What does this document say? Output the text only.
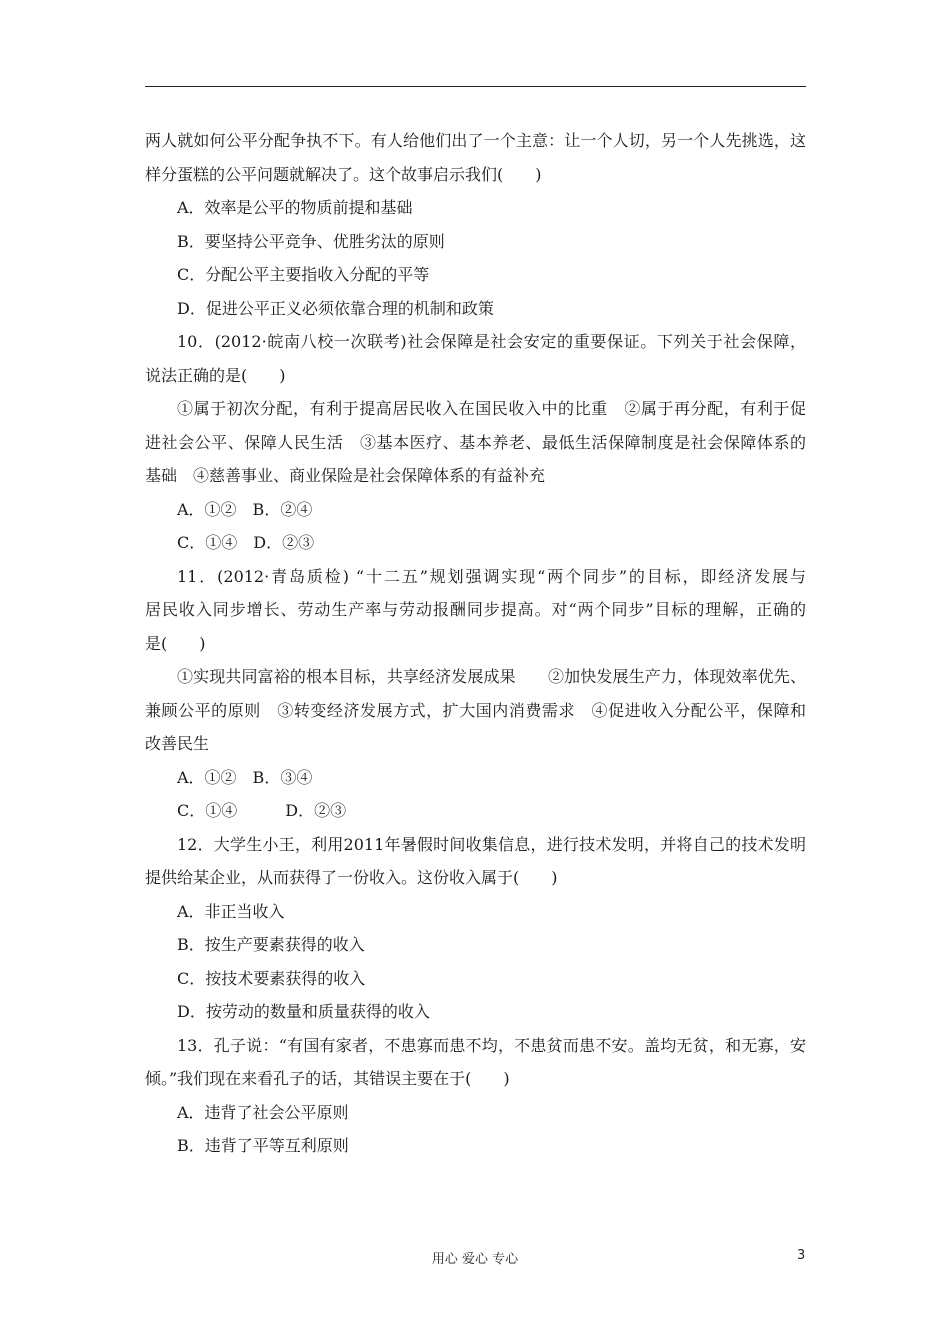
两人就如何公平分配争执不下。有人给他们出了一个主意：让一个人切，另一个人先挑选，这
样分蛋糕的公平问题就解决了。这个故事启示我们(　　)
A．效率是公平的物质前提和基础
B．要坚持公平竞争、优胜劣汰的原则
C．分配公平主要指收入分配的平等
D．促进公平正义必须依靠合理的机制和政策
10．(2012·皖南八校一次联考)社会保障是社会安定的重要保证。下列关于社会保障，
说法正确的是(　　)
①属于初次分配，有利于提高居民收入在国民收入中的比重　②属于再分配，有利于促
进社会公平、保障人民生活　③基本医疗、基本养老、最低生活保障制度是社会保障体系的
基础　④慈善事业、商业保险是社会保障体系的有益补充
A．①②　B．②④
C．①④　D．②③
11．(2012·青岛质检) “十二五”规划强调实现“两个同步”的目标，即经济发展与
居民收入同步增长、劳动生产率与劳动报酬同步提高。对“两个同步”目标的理解，正确的
是(　　)
①实现共同富裕的根本目标，共享经济发展成果　　②加快发展生产力，体现效率优先、
兼顾公平的原则　③转变经济发展方式，扩大国内消费需求　④促进收入分配公平，保障和
改善民生
A．①②　B．③④
C．①④　　　D．②③
12．大学生小王，利用2011年暑假时间收集信息，进行技术发明，并将自己的技术发明
提供给某企业，从而获得了一份收入。这份收入属于(　　)
A．非正当收入
B．按生产要素获得的收入
C．按技术要素获得的收入
D．按劳动的数量和质量获得的收入
13．孔子说：“有国有家者，不患寡而患不均，不患贫而患不安。盖均无贫，和无寡，安
倾。”我们现在来看孔子的话，其错误主要在于(　　)
A．违背了社会公平原则
B．违背了平等互利原则
用心 爱心 专心	3
